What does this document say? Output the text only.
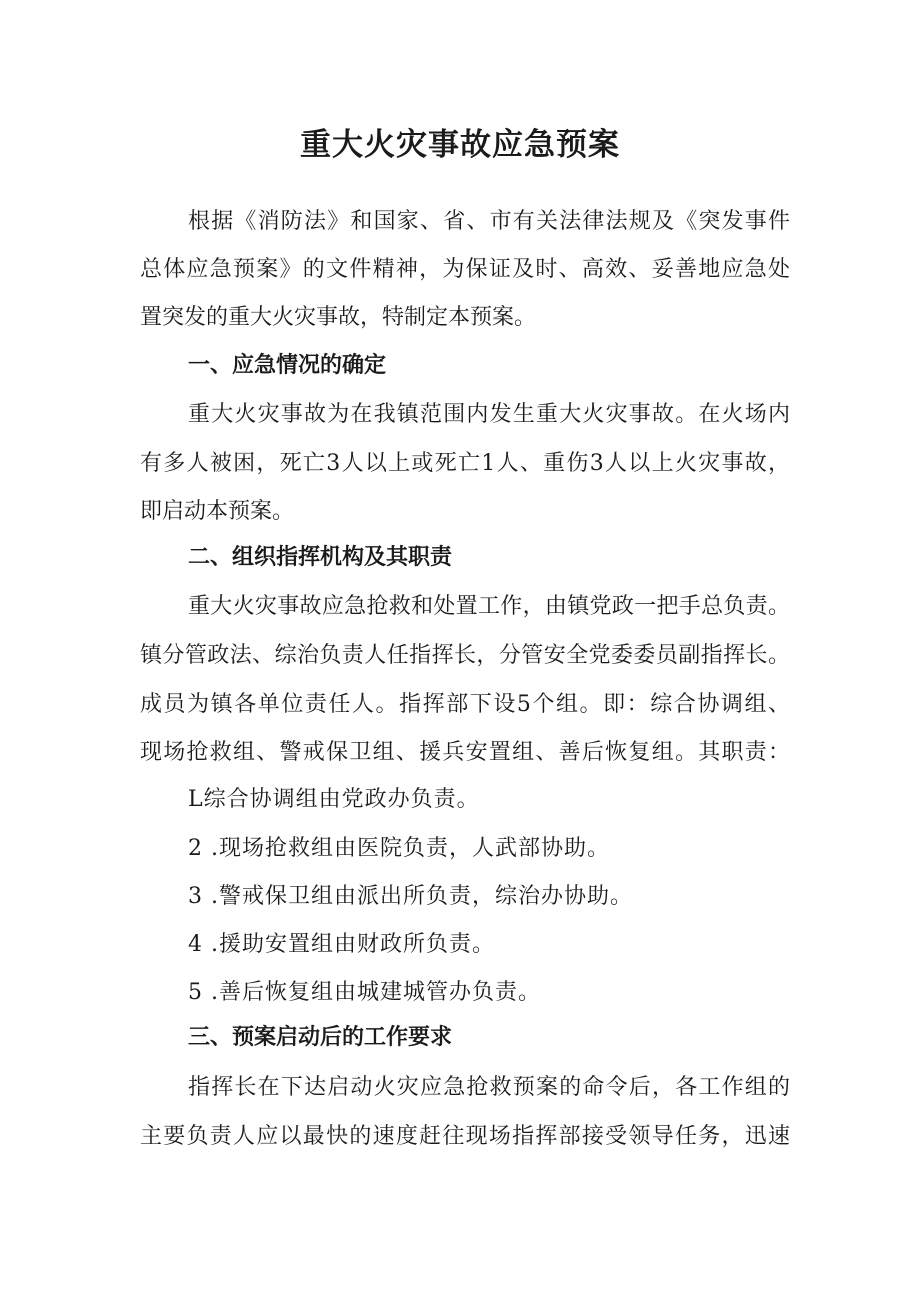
重大火灾事故应急预案
根据《消防法》和国家、省、市有关法律法规及《突发事件
总体应急预案》的文件精神，为保证及时、高效、妥善地应急处
置突发的重大火灾事故，特制定本预案。
一、应急情况的确定
重大火灾事故为在我镇范围内发生重大火灾事故。在火场内
有多人被困，死亡3人以上或死亡1人、重伤3人以上火灾事故，
即启动本预案。
二、组织指挥机构及其职责
重大火灾事故应急抢救和处置工作，由镇党政一把手总负责。
镇分管政法、综治负责人任指挥长，分管安全党委委员副指挥长。
成员为镇各单位责任人。指挥部下设5个组。即：综合协调组、
现场抢救组、警戒保卫组、援兵安置组、善后恢复组。其职责：
L综合协调组由党政办负责。
2 .现场抢救组由医院负责，人武部协助。
3 .警戒保卫组由派出所负责，综治办协助。
4 .援助安置组由财政所负责。
5 .善后恢复组由城建城管办负责。
三、预案启动后的工作要求
指挥长在下达启动火灾应急抢救预案的命令后，各工作组的
主要负责人应以最快的速度赶往现场指挥部接受领导任务，迅速
